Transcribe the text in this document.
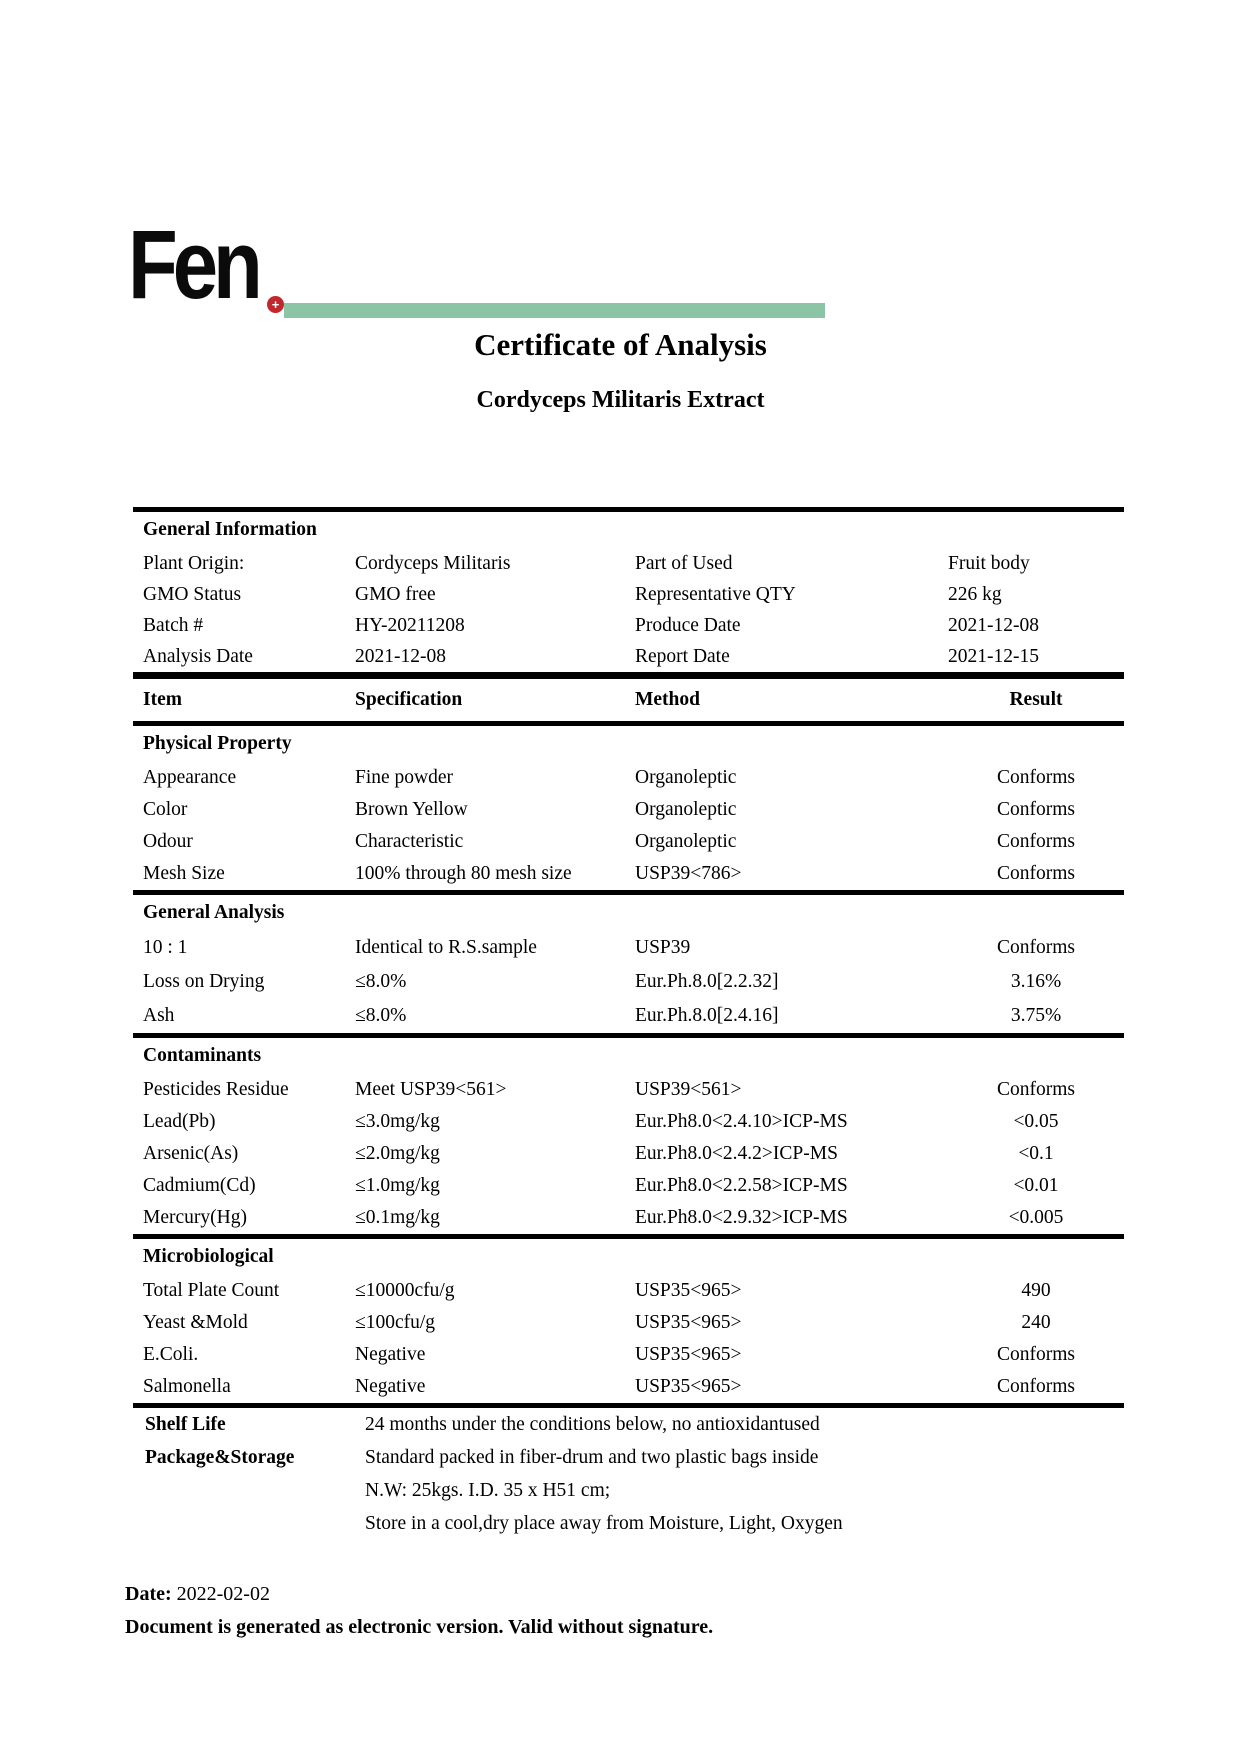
Fen	+
Certificate of Analysis
Cordyceps Militaris Extract
General Information
Plant Origin:	Cordyceps Militaris	Part of Used	Fruit body
GMO Status	GMO free	Representative QTY	226 kg
Batch #	HY-20211208	Produce Date	2021-12-08
Analysis Date	2021-12-08	Report Date	2021-12-15
Item	Specification	Method	Result
Physical Property
Appearance	Fine powder	Organoleptic	Conforms
Color	Brown Yellow	Organoleptic	Conforms
Odour	Characteristic	Organoleptic	Conforms
Mesh Size	100% through 80 mesh size	USP39<786>	Conforms
General Analysis
10 : 1	Identical to R.S.sample	USP39	Conforms
Loss on Drying	≤8.0%	Eur.Ph.8.0[2.2.32]	3.16%
Ash	≤8.0%	Eur.Ph.8.0[2.4.16]	3.75%
Contaminants
Pesticides Residue	Meet USP39<561>	USP39<561>	Conforms
Lead(Pb)	≤3.0mg/kg	Eur.Ph8.0<2.4.10>ICP-MS	<0.05
Arsenic(As)	≤2.0mg/kg	Eur.Ph8.0<2.4.2>ICP-MS	<0.1
Cadmium(Cd)	≤1.0mg/kg	Eur.Ph8.0<2.2.58>ICP-MS	<0.01
Mercury(Hg)	≤0.1mg/kg	Eur.Ph8.0<2.9.32>ICP-MS	<0.005
Microbiological
Total Plate Count	≤10000cfu/g	USP35<965>	490
Yeast &Mold	≤100cfu/g	USP35<965>	240
E.Coli.	Negative	USP35<965>	Conforms
Salmonella	Negative	USP35<965>	Conforms
Shelf Life	24 months under the conditions below, no antioxidantused
Package&Storage	Standard packed in fiber-drum and two plastic bags inside
N.W: 25kgs. I.D. 35 x H51 cm;
Store in a cool,dry place away from Moisture, Light, Oxygen
Date: 2022-02-02
Document is generated as electronic version. Valid without signature.
